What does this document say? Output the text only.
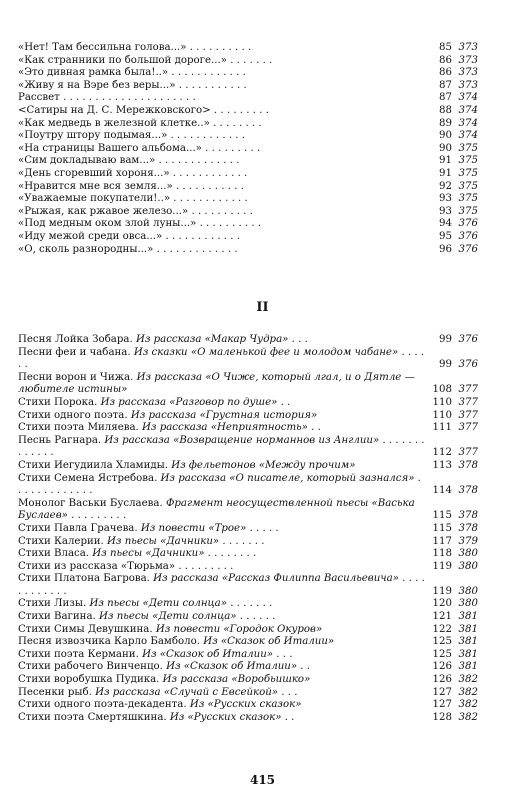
«Нет! Там бессильна голова...» . . . . . . . . . .	85 373
«Как странники по большой дороге...» . . . . . . .	86 373
«Это дивная рамка была!..» . . . . . . . . . . . .	86 373
«Живу я на Вэре без веры...» . . . . . . . . . . .	87 373
Рассвет . . . . . . . . . . . . . . . . . . . . .	87 374
<Сатиры на Д. С. Мережковского> . . . . . . . . .	88 374
«Как медведь в железной клетке..» . . . . . . . .	89 374
«Поутру штору подымая...» . . . . . . . . . . . .	90 374
«На страницы Вашего альбома...» . . . . . . . . .	90 375
«Сим докладываю вам...» . . . . . . . . . . . . .	91 375
«День сгоревший хороня...» . . . . . . . . . . . .	91 375
«Нравится мне вся земля...» . . . . . . . . . . .	92 375
«Уважаемые покупатели!..» . . . . . . . . . . . .	93 375
«Рыжая, как ржавое железо...» . . . . . . . . . .	93 375
«Под медным оком злой луны...» . . . . . . . . . .	94 376
«Иду межой среди овса...» . . . . . . . . . . . .	95 376
«О, сколь разнородны...» . . . . . . . . . . . . .	96 376
II
Песня Лойка Зобара. Из рассказа «Макар Чудра» . . .	99 376
Песни феи и чабана. Из сказки «О маленькой фее и молодом чабане» . . . . . .	99 376
Песни ворон и Чижа. Из рассказа «О Чиже, который лгал, и о Дятле — любителе истины»	108 377
Стихи Порока. Из рассказа «Разговор по душе» . .	110 377
Стихи одного поэта. Из рассказа «Грустная история»	110 377
Стихи поэта Миляева. Из рассказа «Неприятность» . .	111 377
Песнь Рагнара. Из рассказа «Возвращение норманнов из Англии» . . . . . . . . . . . . .	112 377
Стихи Иегудиила Хламиды. Из фельетонов «Между прочим»	113 378
Стихи Семена Ястребова. Из рассказа «О писателе, который зазнался» . . . . . . . . . . . . .	114 378
Монолог Васьки Буслаева. Фрагмент неосуществленной пьесы «Васька Буслаев» . . . . . . . . .	115 378
Стихи Павла Грачева. Из повести «Трое» . . . . .	115 378
Стихи Калерии. Из пьесы «Дачники» . . . . . . .	117 379
Стихи Власа. Из пьесы «Дачники» . . . . . . . .	118 380
Стихи из рассказа «Тюрьма» . . . . . . . . .	119 380
Стихи Платона Багрова. Из рассказа «Рассказ Филиппа Васильевича» . . . . . . . . . . . .	119 380
Стихи Лизы. Из пьесы «Дети солнца» . . . . . . .	120 380
Стихи Вагина. Из пьесы «Дети солнца» . . . . . .	121 381
Стихи Симы Девушкина. Из повести «Городок Окуров»	122 381
Песня извозчика Карло Бамболо. Из «Сказок об Италии»	125 381
Стихи поэта Кермани. Из «Сказок об Италии» . . .	125 381
Стихи рабочего Винченцо. Из «Сказок об Италии» . .	126 381
Стихи воробушка Пудика. Из рассказа «Воробьишко»	126 382
Песенки рыб. Из рассказа «Случай с Евсейкой» . . .	127 382
Стихи одного поэта-декадента. Из «Русских сказок»	127 382
Стихи поэта Смертяшкина. Из «Русских сказок» . .	128 382
415
